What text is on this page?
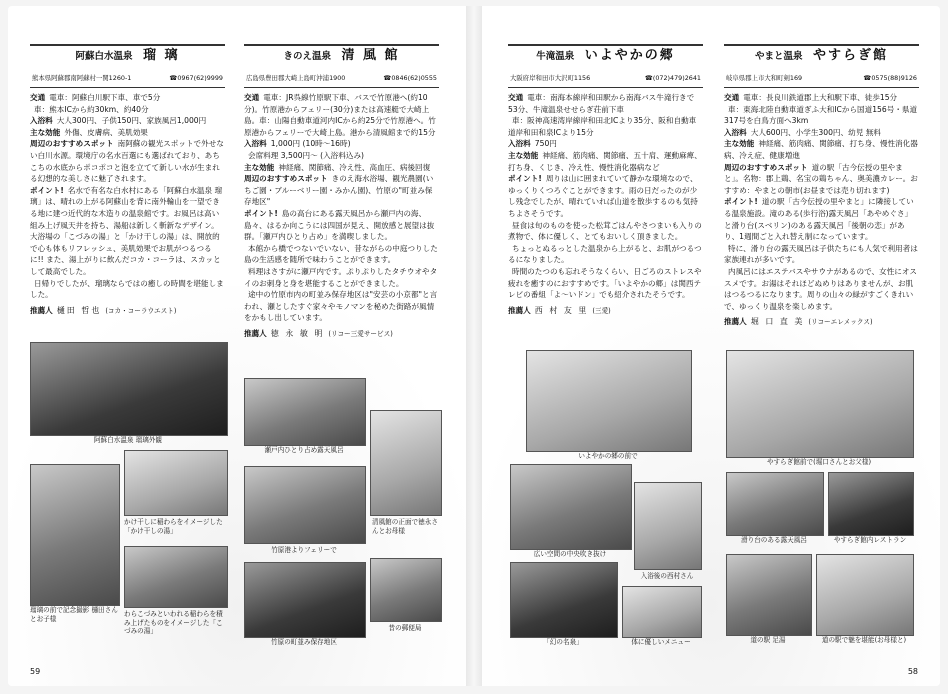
阿蘇白水温泉 瑠 璃
熊本県阿蘇郡南阿蘇村一関1260-1	☎0967(62)9999

交通 電車：阿蘇白川駅下車、車で5分

車：熊本ICから約30km、約40分

入浴料 大人300円、子供150円、家族風呂1,000円

主な効能 外傷、皮膚病、美肌効果

周辺のおすすめスポット 南阿蘇の観光スポットで外せない白川水源。環境庁の名水百選にも選ばれており、あちこちの水底からポコポコと泡を立てて新しい水が生まれる幻想的な美しさに魅了されます。

ポイント! 名水で有名な白水村にある「阿蘇白水温泉 瑠璃」は、晴れの上がる阿蘇山を背に南外輪山を一望できる地に建つ近代的な木造りの温泉館です。お風呂は高い組み上げ風天井を持ち、湯船は新しく斬新なデザイン。大浴場の「こづみの湯」と「かけ干しの湯」は、開放的で心も体もリフレッシュ、美肌効果でお肌がつるつるに!! また、湯上がりに飲んだコカ・コーラは、スカッとして最高でした。

日帰りでしたが、瑠璃ならではの癒しの時間を堪能しました。

推薦人 樋田 哲也 (コカ・コーラウエスト)

阿蘇白水温泉 瑠璃外観
かけ干しに稲わらをイメージした「かけ干しの湯」
瑠璃の前で記念撮影 樋田さんとお子様
わらこづみといわれる稲わらを積み上げたものをイメージした「こづみの湯」
きのえ温泉 清 風 館
広島県豊田郡大崎上島町沖浦1900	☎0846(62)0555

交通 電車：JR呉線竹原駅下車、バスで竹原港へ(約10分)。竹原港からフェリー(30分)または高速艇で大崎上島。車：山陽自動車道河内ICから約25分で竹原港へ。竹原港からフェリーで大崎上島。港から清風館まで約15分

入浴料 1,000円 (10時〜16時)

会席料理 3,500円〜 (入浴料込み)

主な効能 神経痛、関節痛、冷え性、高血圧、病後回復

周辺のおすすめスポット きのえ海水浴場、観光農園(いちご園・ブルーベリー園・みかん園)、竹原の"町並み保存地区"

ポイント! 島の高台にある露天風呂から瀬戸内の海、島々、はるか向こうには四国が見え、開放感と展望は抜群。「瀬戸内ひとり占め」を満喫しました。

本館から橋でつないでいない、昔ながらの中庭つりした島の生活感を随所で味わうことができます。

料理はさすがに瀬戸内です。ぷりぷりしたタチウオやタイのお刺身と身を堪能することができました。

途中の竹原市内の町並み保存地区は"安芸の小京都"と言われ、瀬としたすぐ家々やモノマンを秘めた街路が風情をかもし出しています。

推薦人 徳 永 敏 明 (リコー三愛サービス)

瀬戸内ひとり占め露天風呂
清風館の正面で徳永さんとお母様
竹原港よりフェリーで
竹原の町並み保存地区
昔の郵便局
59
牛滝温泉 いよやかの郷
大阪府岸和田市大沢町1156	☎(072)479)2641

交通 電車：南海本線岸和田駅から南海バス牛滝行きで53分、牛滝温泉せせらぎ荘前下車

車：阪神高速湾岸線岸和田北ICより35分、阪和自動車道岸和田和泉ICより15分

入浴料 750円

主な効能 神経痛、筋肉痛、関節痛、五十肩、運動麻痺、打ち身、くじき、冷え性、慢性消化器病など

ポイント! 周りは山に囲まれていて静かな環境なので、ゆっくりくつろぐことができます。雨の日だったのが少し残念でしたが、晴れていれば山道を散歩するのも気持ちよさそうです。

昼食は旬のものを使った松茸ごはんやさつまいも入りの煮物で、体に優しく、とてもおいしく頂きました。

ちょっとぬるっとした温泉から上がると、お肌がつるつるになりました。

時間のたつのも忘れそうなくらい、日ごろのストレスや疲れを癒すのにおすすめです。「いよやかの郷」は関西テレビの番組「よ〜いドン」でも紹介されたそうです。

推薦人 西 村 友 里 (三愛)

いよやかの郷の前で
広い空間の中央吹き抜け
入浴後の西村さん
「幻の名泉」	体に優しいメニュー
やまと温泉 やすらぎ館
岐阜県郡上市大和町剣169	☎0575(88)9126

交通 電車：長良川鉄道郡上大和駅下車、徒歩15分

車：東海北陸自動車道ぎふ大和ICから国道156号・県道317号を白鳥方面へ3km

入浴料 大人600円、小学生300円、幼児 無料

主な効能 神経痛、筋肉痛、関節痛、打ち身、慢性消化器病、冷え症、健康増進

周辺のおすすめスポット 道の駅「古今伝授の里やまと」。名物：郡上鶏、名宝の鶏ちゃん、奥美濃カレー。おすすめ：やまとの朝市(お昼までは売り切れます)

ポイント! 道の駅「古今伝授の里やまと」に隣接している温泉施設。滝のある(歩行浴)露天風呂「あやめぐさ」と滑り台(スベリン)のある露天風呂「後朝の恋」があり、1週間ごと入れ替え制になっています。

特に、滑り台の露天風呂は子供たちにも人気で利用者は家族連れが多いです。

内風呂にはエステバスやサウナがあるので、女性にオススメです。お湯はそれほどぬめりはありませんが、お肌はつるつるになります。周りの山々の緑がすごくきれいで、ゆっくり温泉を楽しめます。

推薦人 堀 口 直 美 (リコーエレメックス)

やすらぎ館前で(堀口さんとお父様)
滑り台のある露天風呂	やすらぎ館内レストラン
道の駅 足湯	道の駅で魅を堪能(お母様と)
58
